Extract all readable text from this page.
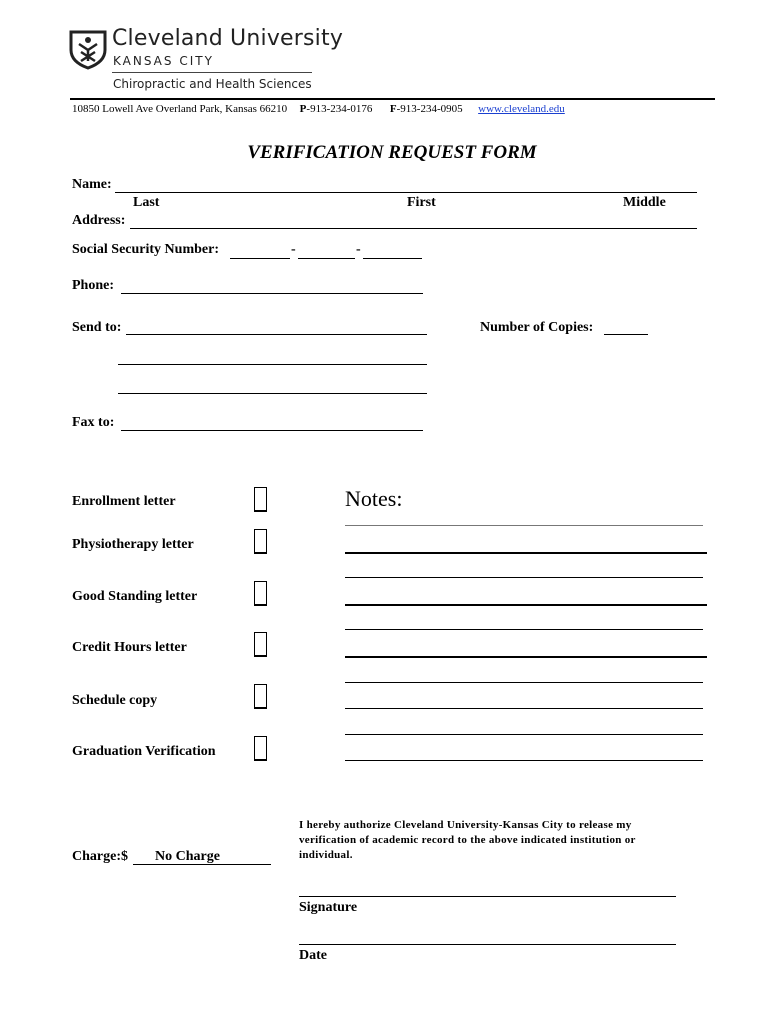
Cleveland University
KANSAS CITY
Chiropractic and Health Sciences
10850 Lowell Ave Overland Park, Kansas 66210 P-913-234-0176 F-913-234-0905 www.cleveland.edu
VERIFICATION REQUEST FORM
Name:
Last	First	Middle
Address:
Social Security Number:	-	-
Phone:
Send to:	Number of Copies:
Fax to:
Enrollment letter
Physiotherapy letter
Good Standing letter
Credit Hours letter
Schedule copy
Graduation Verification
Notes:
Charge:$ No Charge
I hereby authorize Cleveland University-Kansas City to release my verification of academic record to the above indicated institution or individual.
Signature
Date
